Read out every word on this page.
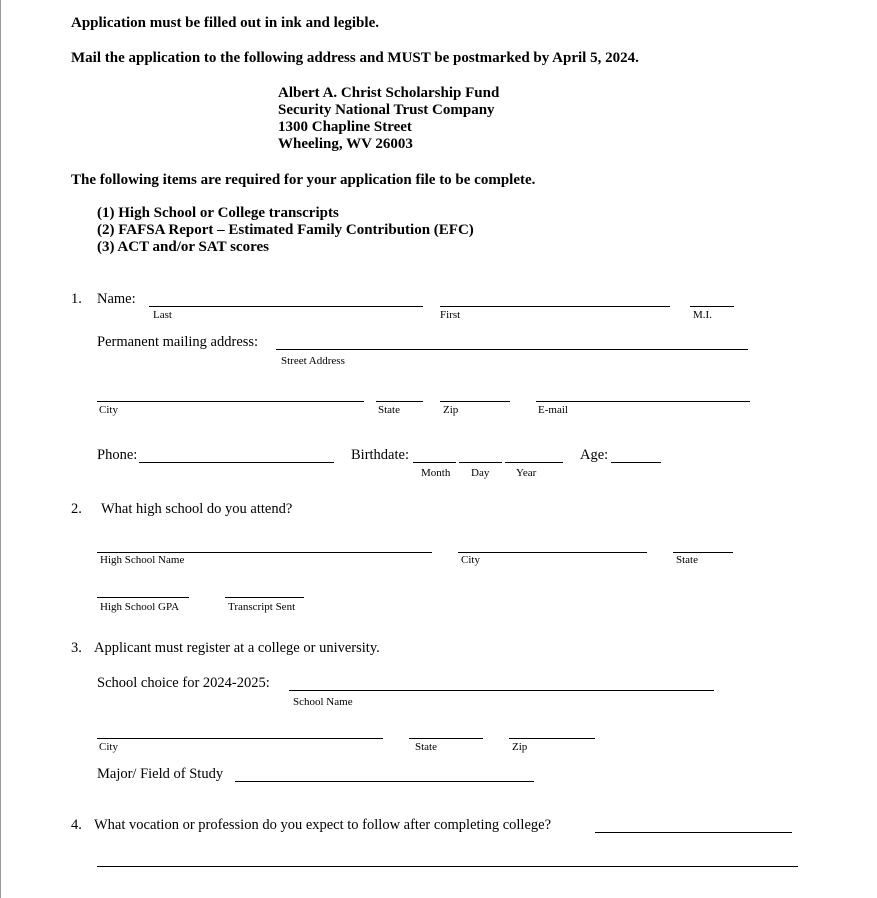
Application must be filled out in ink and legible.
Mail the application to the following address and MUST be postmarked by April 5, 2024.
Albert A. Christ Scholarship Fund
Security National Trust Company
1300 Chapline Street
Wheeling, WV 26003
The following items are required for your application file to be complete.
(1) High School or College transcripts
(2) FAFSA Report – Estimated Family Contribution (EFC)
(3) ACT and/or SAT scores
1. Name:
Last	First	M.I.
Permanent mailing address:
Street Address
City	State	Zip	E-mail
Phone:	Birthdate:
Month Day Year
Age:
2. What high school do you attend?
High School Name	City	State
High School GPA	Transcript Sent
3. Applicant must register at a college or university.
School choice for 2024-2025:
School Name
City	State	Zip
Major/ Field of Study
4. What vocation or profession do you expect to follow after completing college?
